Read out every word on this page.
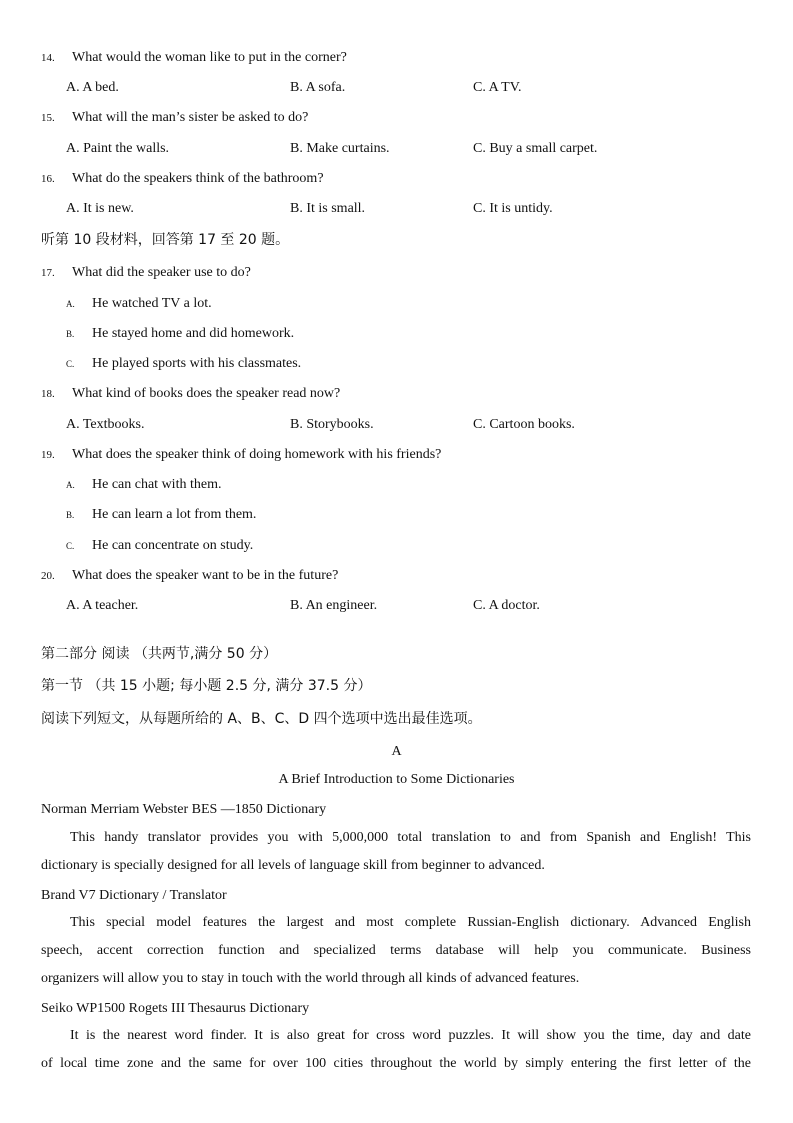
14. What would the woman like to put in the corner?
A. A bed.	B. A sofa.	C. A TV.
15. What will the man’s sister be asked to do?
A. Paint the walls.	B. Make curtains.	C. Buy a small carpet.
16. What do the speakers think of the bathroom?
A. It is new.	B. It is small.	C. It is untidy.
听第 10 段材料，回答第 17 至 20 题。
17. What did the speaker use to do?
A. He watched TV a lot.
B. He stayed home and did homework.
C. He played sports with his classmates.
18. What kind of books does the speaker read now?
A. Textbooks.	B. Storybooks.	C. Cartoon books.
19. What does the speaker think of doing homework with his friends?
A. He can chat with them.
B. He can learn a lot from them.
C. He can concentrate on study.
20. What does the speaker want to be in the future?
A. A teacher.	B. An engineer.	C. A doctor.
第二部分 阅读 （共两节,满分 50 分）
第一节 （共 15 小题; 每小题 2.5 分, 满分 37.5 分）
阅读下列短文，从每题所给的 A、B、C、D 四个选项中选出最佳选项。
A
A Brief Introduction to Some Dictionaries
Norman Merriam Webster BES —1850 Dictionary
This handy translator provides you with 5,000,000 total translation to and from Spanish and English! This
dictionary is specially designed for all levels of language skill from beginner to advanced.
Brand V7 Dictionary / Translator
This special model features the largest and most complete Russian-English dictionary. Advanced English
speech, accent correction function and specialized terms database will help you communicate. Business
organizers will allow you to stay in touch with the world through all kinds of advanced features.
Seiko WP1500 Rogets III Thesaurus Dictionary
It is the nearest word finder. It is also great for cross word puzzles. It will show you the time, day and date
of local time zone and the same for over 100 cities throughout the world by simply entering the first letter of the
